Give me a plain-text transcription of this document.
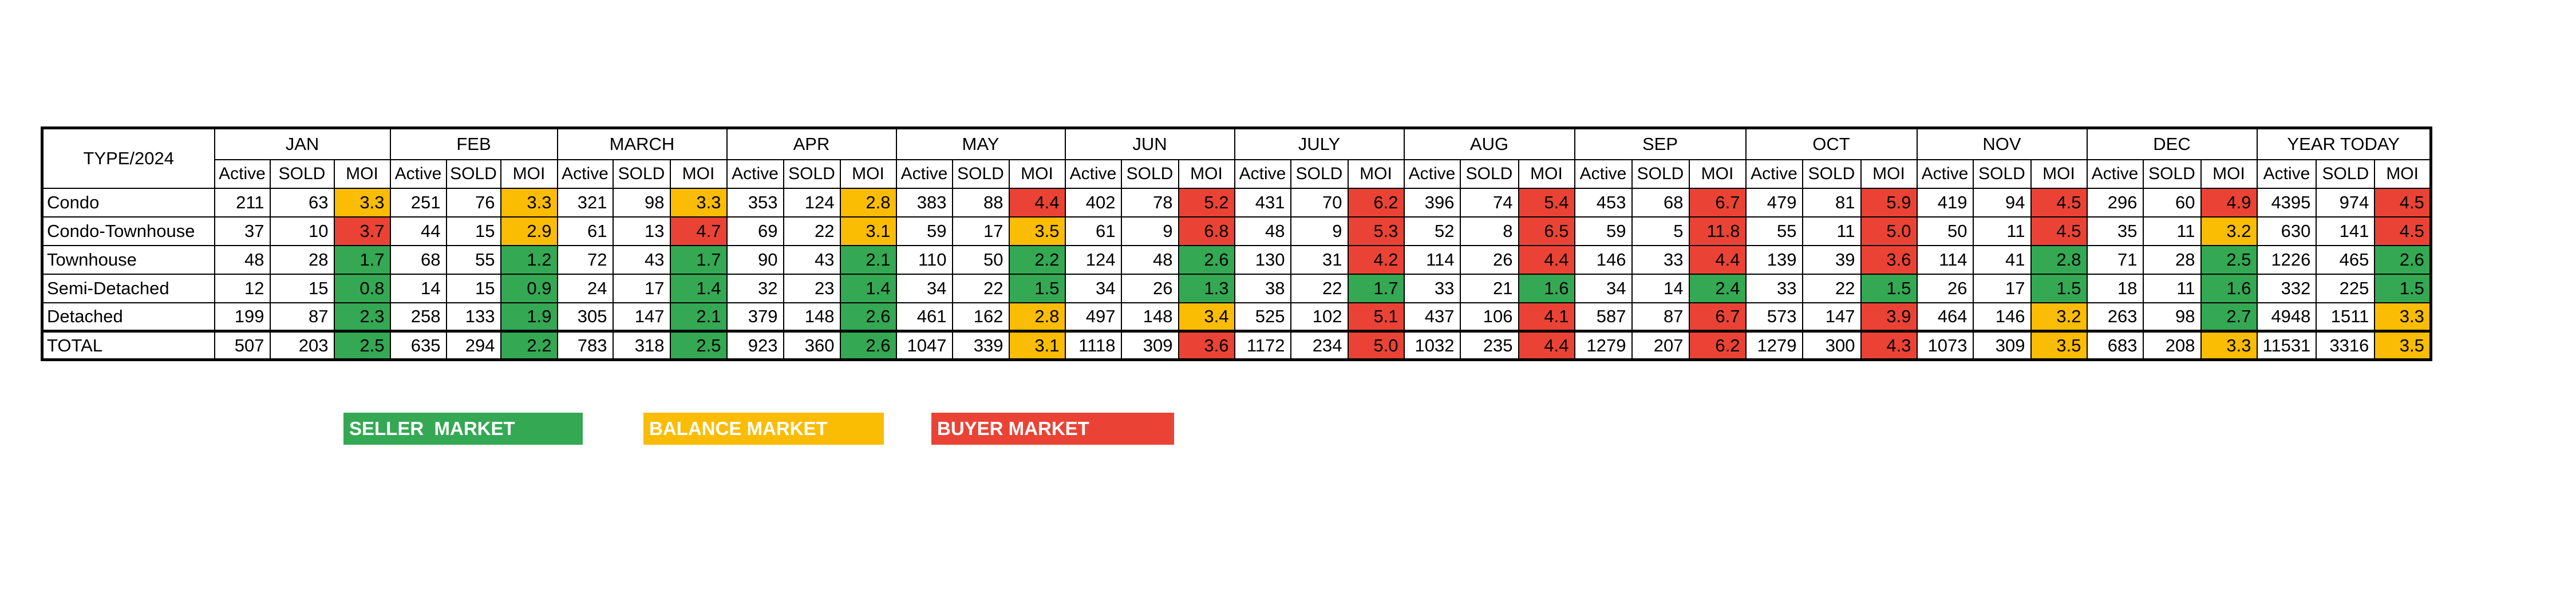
TYPE/2024	JAN			FEB			MARCH			APR			MAY			JUN			JULY			AUG			SEP			OCT			NOV			DEC			YEAR TODAY		
	Active	SOLD	MOI	Active	SOLD	MOI	Active	SOLD	MOI	Active	SOLD	MOI	Active	SOLD	MOI	Active	SOLD	MOI	Active	SOLD	MOI	Active	SOLD	MOI	Active	SOLD	MOI	Active	SOLD	MOI	Active	SOLD	MOI	Active	SOLD	MOI	Active	SOLD	MOI
Condo	211	63	3.3	251	76	3.3	321	98	3.3	353	124	2.8	383	88	4.4	402	78	5.2	431	70	6.2	396	74	5.4	453	68	6.7	479	81	5.9	419	94	4.5	296	60	4.9	4395	974	4.5
Condo-Townhouse	37	10	3.7	44	15	2.9	61	13	4.7	69	22	3.1	59	17	3.5	61	9	6.8	48	9	5.3	52	8	6.5	59	5	11.8	55	11	5.0	50	11	4.5	35	11	3.2	630	141	4.5
Townhouse	48	28	1.7	68	55	1.2	72	43	1.7	90	43	2.1	110	50	2.2	124	48	2.6	130	31	4.2	114	26	4.4	146	33	4.4	139	39	3.6	114	41	2.8	71	28	2.5	1226	465	2.6
Semi-Detached	12	15	0.8	14	15	0.9	24	17	1.4	32	23	1.4	34	22	1.5	34	26	1.3	38	22	1.7	33	21	1.6	34	14	2.4	33	22	1.5	26	17	1.5	18	11	1.6	332	225	1.5
Detached	199	87	2.3	258	133	1.9	305	147	2.1	379	148	2.6	461	162	2.8	497	148	3.4	525	102	5.1	437	106	4.1	587	87	6.7	573	147	3.9	464	146	3.2	263	98	2.7	4948	1511	3.3
TOTAL	507	203	2.5	635	294	2.2	783	318	2.5	923	360	2.6	1047	339	3.1	1118	309	3.6	1172	234	5.0	1032	235	4.4	1279	207	6.2	1279	300	4.3	1073	309	3.5	683	208	3.3	11531	3316	3.5
SELLER  MARKET	BALANCE MARKET	BUYER MARKET
